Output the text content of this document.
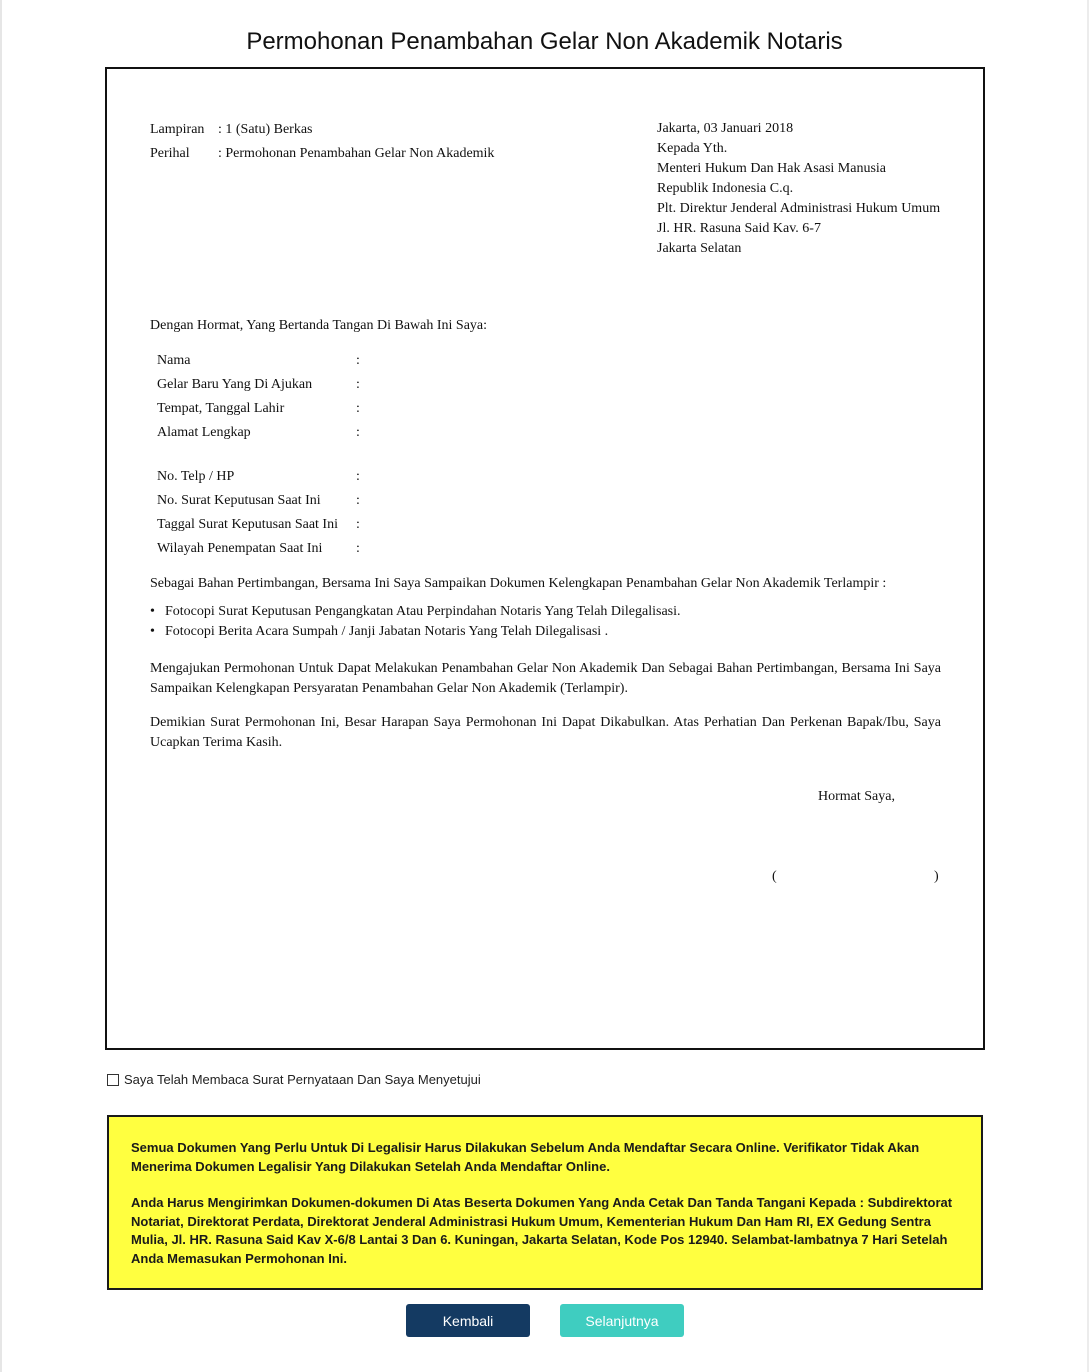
Permohonan Penambahan Gelar Non Akademik Notaris
Lampiran : 1 (Satu) Berkas
Perihal : Permohonan Penambahan Gelar Non Akademik
Jakarta, 03 Januari 2018
Kepada Yth.
Menteri Hukum Dan Hak Asasi Manusia
Republik Indonesia C.q.
Plt. Direktur Jenderal Administrasi Hukum Umum
Jl. HR. Rasuna Said Kav. 6-7
Jakarta Selatan
Dengan Hormat, Yang Bertanda Tangan Di Bawah Ini Saya:
Nama	:
Gelar Baru Yang Di Ajukan	:
Tempat, Tanggal Lahir	:
Alamat Lengkap	:
No. Telp / HP	:
No. Surat Keputusan Saat Ini	:
Taggal Surat Keputusan Saat Ini :
Wilayah Penempatan Saat Ini :
Sebagai Bahan Pertimbangan, Bersama Ini Saya Sampaikan Dokumen Kelengkapan Penambahan Gelar Non Akademik Terlampir :
• Fotocopi Surat Keputusan Pengangkatan Atau Perpindahan Notaris Yang Telah Dilegalisasi.
• Fotocopi Berita Acara Sumpah / Janji Jabatan Notaris Yang Telah Dilegalisasi .
Mengajukan Permohonan Untuk Dapat Melakukan Penambahan Gelar Non Akademik Dan Sebagai Bahan Pertimbangan, Bersama Ini Saya Sampaikan Kelengkapan Persyaratan Penambahan Gelar Non Akademik (Terlampir).
Demikian Surat Permohonan Ini, Besar Harapan Saya Permohonan Ini Dapat Dikabulkan. Atas Perhatian Dan Perkenan Bapak/Ibu, Saya Ucapkan Terima Kasih.
Hormat Saya,
(	)
Saya Telah Membaca Surat Pernyataan Dan Saya Menyetujui

Semua Dokumen Yang Perlu Untuk Di Legalisir Harus Dilakukan Sebelum Anda Mendaftar Secara Online. Verifikator Tidak Akan Menerima Dokumen Legalisir Yang Dilakukan Setelah Anda Mendaftar Online.

Anda Harus Mengirimkan Dokumen-dokumen Di Atas Beserta Dokumen Yang Anda Cetak Dan Tanda Tangani Kepada : Subdirektorat Notariat, Direktorat Perdata, Direktorat Jenderal Administrasi Hukum Umum, Kementerian Hukum Dan Ham RI, EX Gedung Sentra Mulia, Jl. HR. Rasuna Said Kav X-6/8 Lantai 3 Dan 6. Kuningan, Jakarta Selatan, Kode Pos 12940. Selambat-lambatnya 7 Hari Setelah Anda Memasukan Permohonan Ini.

Kembali	Selanjutnya
